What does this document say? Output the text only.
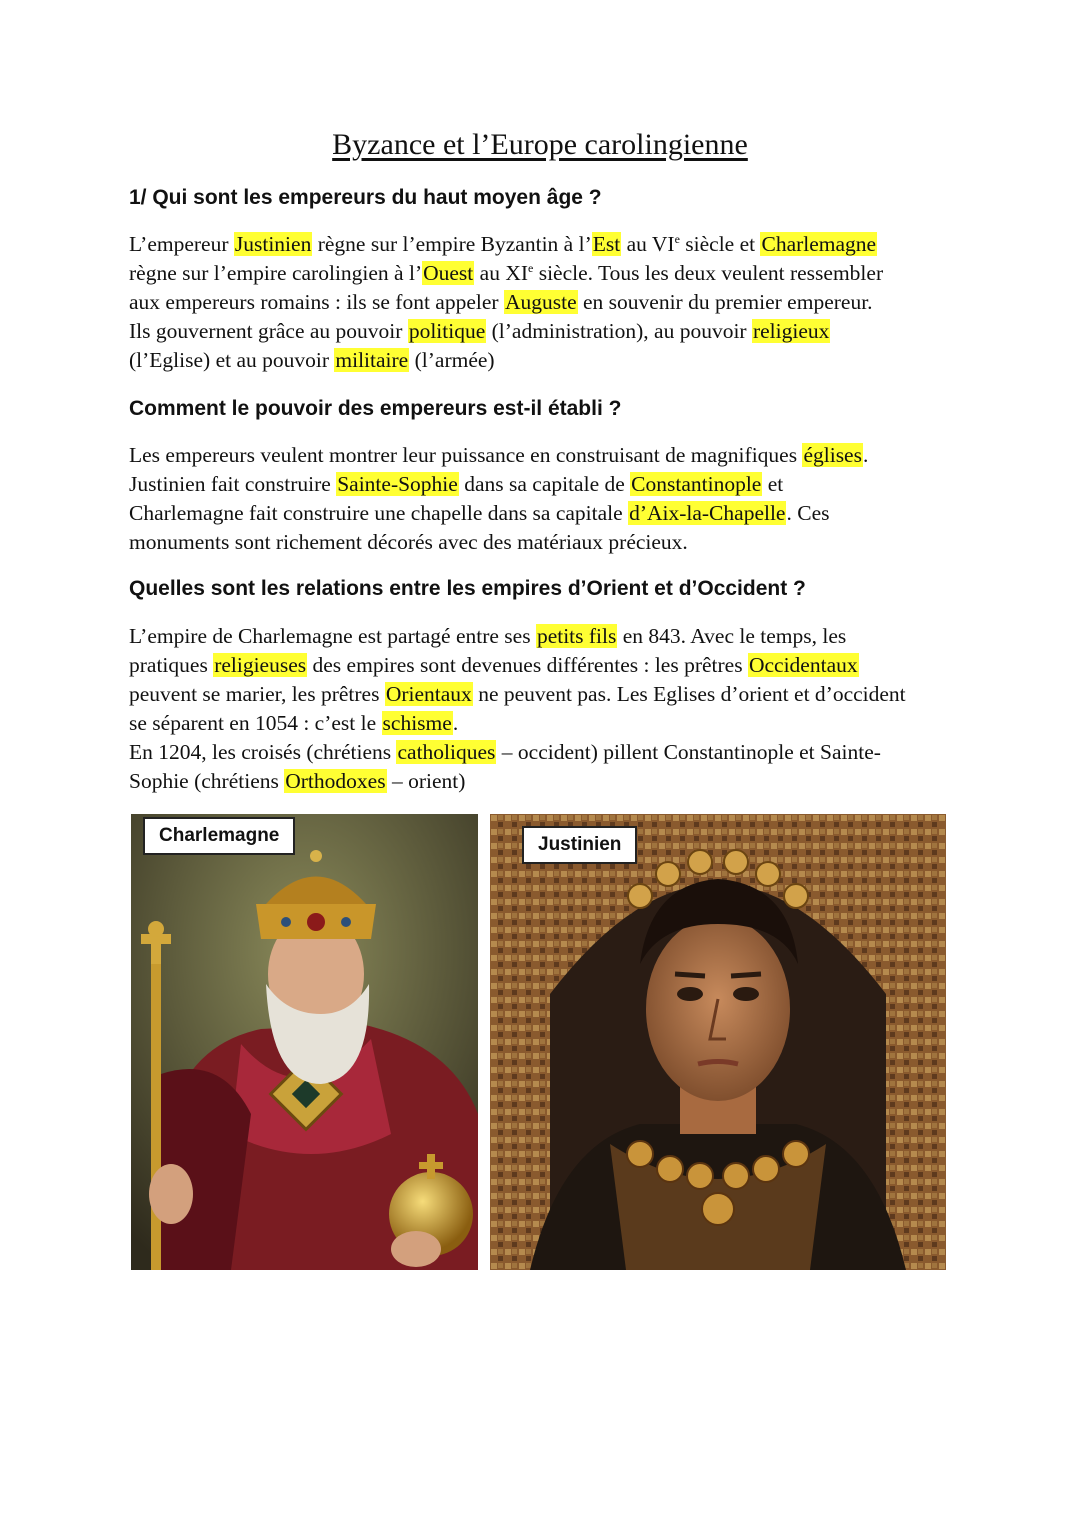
Byzance et l’Europe carolingienne
1/ Qui sont les empereurs du haut moyen âge ?
L’empereur Justinien règne sur l’empire Byzantin à l’Est au VIe siècle et Charlemagne
règne sur l’empire carolingien à l’Ouest au XIe siècle. Tous les deux veulent ressembler
aux empereurs romains : ils se font appeler Auguste en souvenir du premier empereur.
Ils gouvernent grâce au pouvoir politique (l’administration), au pouvoir religieux
(l’Eglise) et au pouvoir militaire (l’armée)
Comment le pouvoir des empereurs est-il établi ?
Les empereurs veulent montrer leur puissance en construisant de magnifiques églises.
Justinien fait construire Sainte-Sophie dans sa capitale de Constantinople et
Charlemagne fait construire une chapelle dans sa capitale d’Aix-la-Chapelle. Ces
monuments sont richement décorés avec des matériaux précieux.
Quelles sont les relations entre les empires d’Orient et d’Occident ?
L’empire de Charlemagne est partagé entre ses petits fils en 843. Avec le temps, les
pratiques religieuses des empires sont devenues différentes : les prêtres Occidentaux
peuvent se marier, les prêtres Orientaux ne peuvent pas. Les Eglises d’orient et d’occident
se séparent en 1054 : c’est le schisme.
En 1204, les croisés (chrétiens catholiques – occident) pillent Constantinople et Sainte-
Sophie (chrétiens Orthodoxes – orient)
Charlemagne	Justinien
